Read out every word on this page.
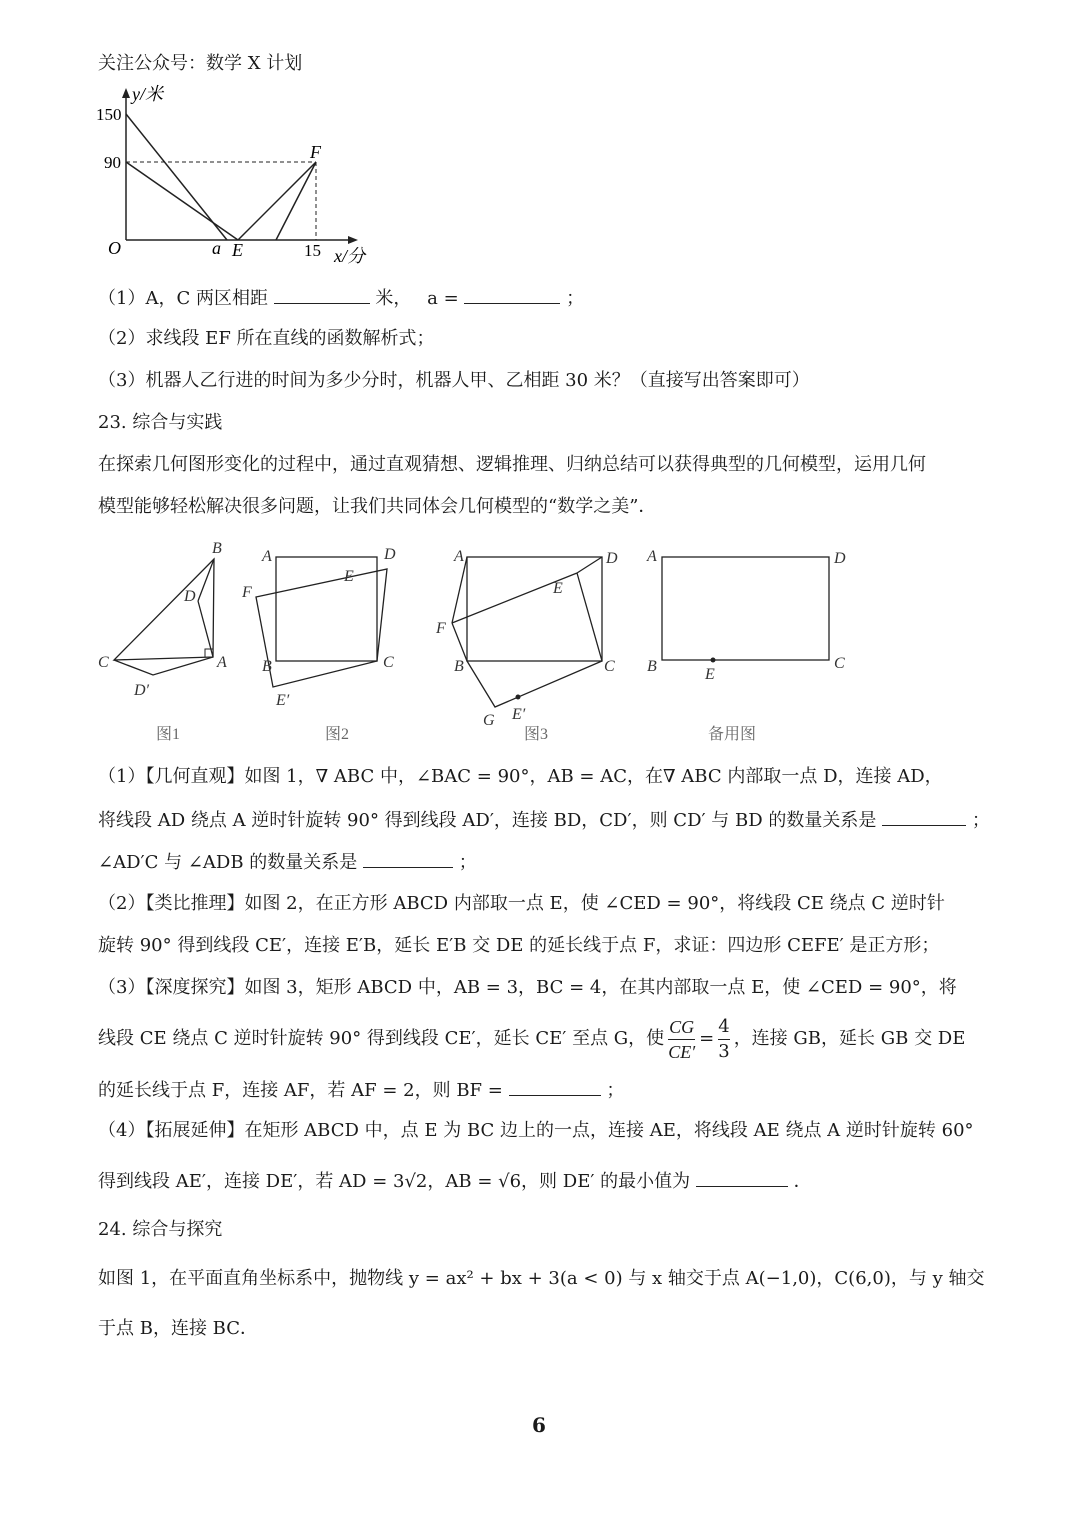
关注公众号：数学 X 计划
y/米
150
90
O	a E	15
F
x/分
（1）A，C 两区相距	米， a =	；
（2）求线段 EF 所在直线的函数解析式；
（3）机器人乙行进的时间为多少分时，机器人甲、乙相距 30 米？（直接写出答案即可）
23. 综合与实践
在探索几何图形变化的过程中，通过直观猜想、逻辑推理、归纳总结可以获得典型的几何模型，运用几何
模型能够轻松解决很多问题，让我们共同体会几何模型的“数学之美”．
B
D
C	A
D′
A	D
E
F
B	C
E′
A	D
E
F
B	C
G E′
A	D
B	E
C
图1	图2	图3	备用图
（1）【几何直观】如图 1，∇ ABC 中，∠BAC = 90°，AB = AC，在∇ ABC 内部取一点 D，连接 AD，
将线段 AD 绕点 A 逆时针旋转 90° 得到线段 AD′，连接 BD，CD′，则 CD′ 与 BD 的数量关系是	；
∠AD′C 与 ∠ADB 的数量关系是	；
（2）【类比推理】如图 2，在正方形 ABCD 内部取一点 E，使 ∠CED = 90°，将线段 CE 绕点 C 逆时针
旋转 90° 得到线段 CE′，连接 E′B，延长 E′B 交 DE 的延长线于点 F，求证：四边形 CEFE′ 是正方形；
（3）【深度探究】如图 3，矩形 ABCD 中，AB = 3，BC = 4，在其内部取一点 E，使 ∠CED = 90°，将
线段 CE 绕点 C 逆时针旋转 90° 得到线段 CE′，延长 CE′ 至点 G，使 $\frac{CG}{CE'} = \frac{4}{3}$ ，连接 GB，延长 GB 交 DE
的延长线于点 F，连接 AF，若 AF = 2，则 BF =	；
（4）【拓展延伸】在矩形 ABCD 中，点 E 为 BC 边上的一点，连接 AE，将线段 AE 绕点 A 逆时针旋转 60°
得到线段 AE′，连接 DE′，若 AD = 3√2，AB = √6，则 DE′ 的最小值为	．
24. 综合与探究
如图 1，在平面直角坐标系中，抛物线 y = ax² + bx + 3(a < 0) 与 x 轴交于点 A(−1,0)，C(6,0)，与 y 轴交
于点 B，连接 BC．
6
